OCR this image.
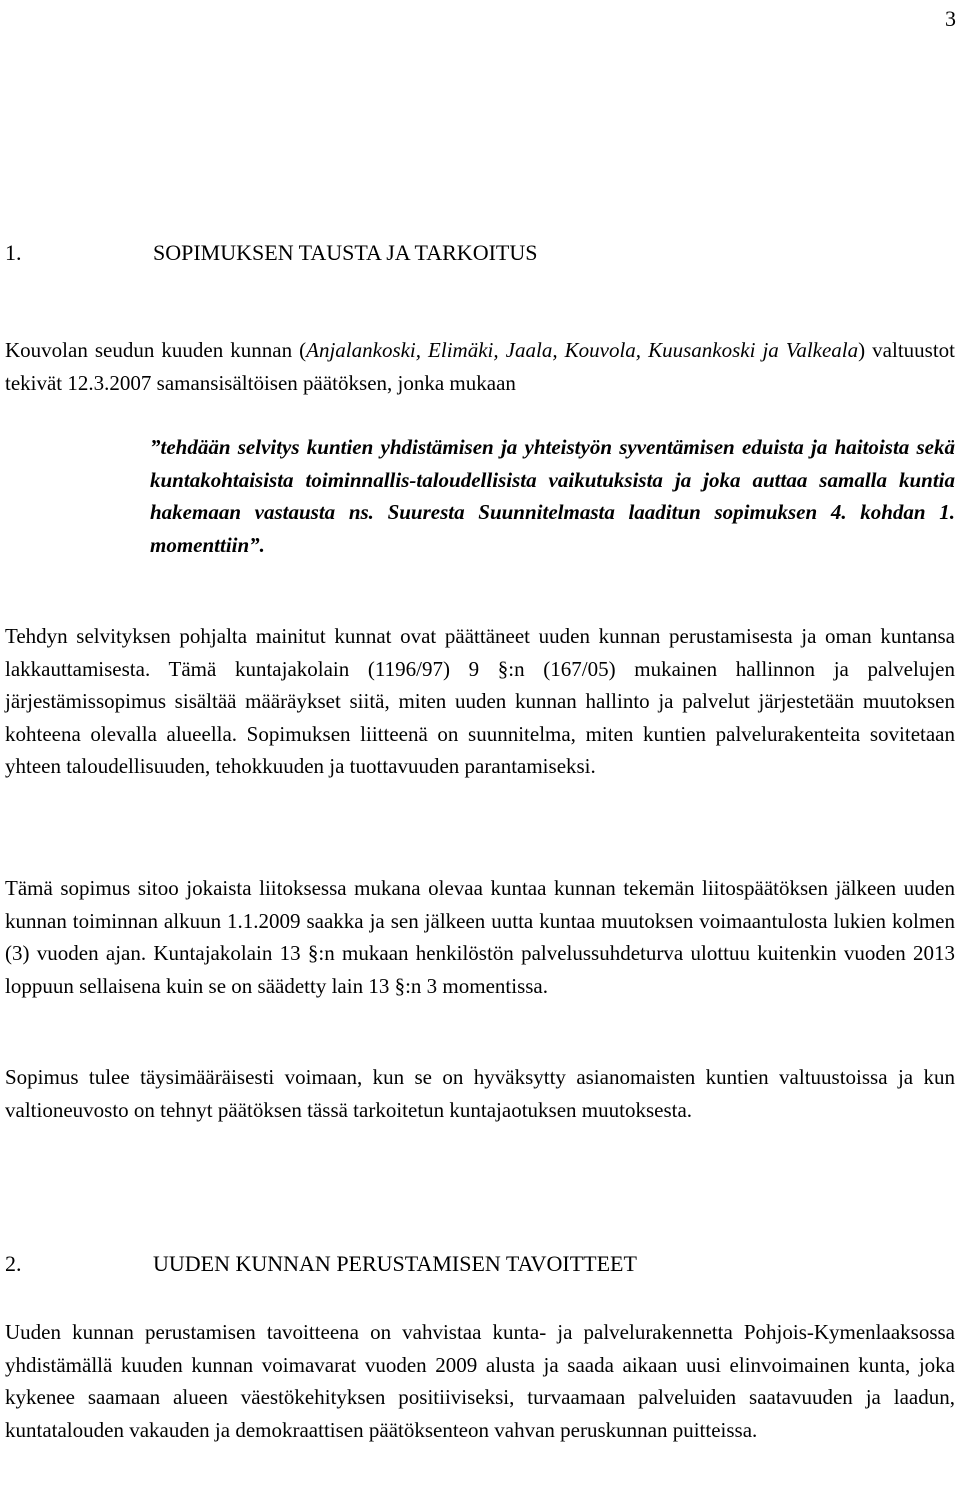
3
1.	SOPIMUKSEN TAUSTA JA TARKOITUS

Kouvolan seudun kuuden kunnan (Anjalankoski, Elimäki, Jaala, Kouvola, Kuusankoski ja Valkeala) valtuustot tekivät 12.3.2007 samansisältöisen päätöksen, jonka mukaan

”tehdään selvitys kuntien yhdistämisen ja yhteistyön syventämisen eduista ja haitoista sekä kuntakohtaisista toiminnallis-taloudellisista vaikutuksista ja joka auttaa samalla kuntia hakemaan vastausta ns. Suuresta Suunnitelmasta laaditun sopimuksen 4. kohdan 1. momenttiin”.

Tehdyn selvityksen pohjalta mainitut kunnat ovat päättäneet uuden kunnan perustamisesta ja oman kuntansa lakkauttamisesta. Tämä kuntajakolain (1196/97) 9 §:n (167/05) mukainen hallinnon ja palvelujen järjestämissopimus sisältää määräykset siitä, miten uuden kunnan hallinto ja palvelut järjestetään muutoksen kohteena olevalla alueella. Sopimuksen liitteenä on suunnitelma, miten kuntien palvelurakenteita sovitetaan yhteen taloudellisuuden, tehokkuuden ja tuottavuuden parantamiseksi.

Tämä sopimus sitoo jokaista liitoksessa mukana olevaa kuntaa kunnan tekemän liitospäätöksen jälkeen uuden kunnan toiminnan alkuun 1.1.2009 saakka ja sen jälkeen uutta kuntaa muutoksen voimaantulosta lukien kolmen (3) vuoden ajan. Kuntajakolain 13 §:n mukaan henkilöstön palvelussuhdeturva ulottuu kuitenkin vuoden 2013 loppuun sellaisena kuin se on säädetty lain 13 §:n 3 momentissa.

Sopimus tulee täysimääräisesti voimaan, kun se on hyväksytty asianomaisten kuntien valtuustoissa ja kun valtioneuvosto on tehnyt päätöksen tässä tarkoitetun kuntajaotuksen muutoksesta.

2.	UUDEN KUNNAN PERUSTAMISEN TAVOITTEET

Uuden kunnan perustamisen tavoitteena on vahvistaa kunta- ja palvelurakennetta Pohjois-Kymenlaaksossa yhdistämällä kuuden kunnan voimavarat vuoden 2009 alusta ja saada aikaan uusi elinvoimainen kunta, joka kykenee saamaan alueen väestökehityksen positiiviseksi, turvaamaan palveluiden saatavuuden ja laadun, kuntatalouden vakauden ja demokraattisen päätöksenteon vahvan peruskunnan puitteissa.
